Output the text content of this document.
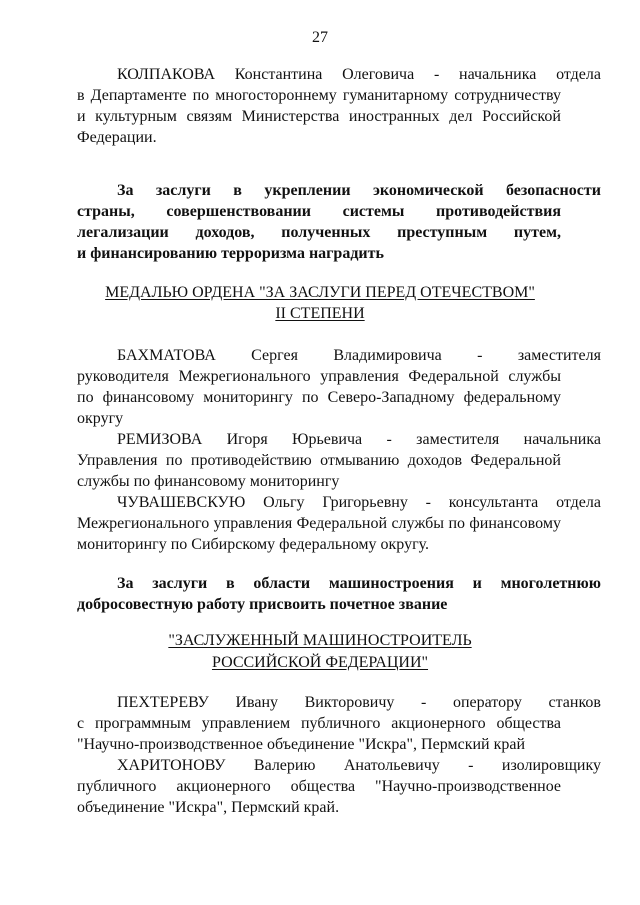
27
КОЛПАКОВА Константина Олеговича - начальника отдела
в Департаменте по многостороннему гуманитарному сотрудничеству
и культурным связям Министерства иностранных дел Российской
Федерации.
За заслуги в укреплении экономической безопасности
страны, совершенствовании системы противодействия
легализации доходов, полученных преступным путем,
и финансированию терроризма наградить
МЕДАЛЬЮ ОРДЕНА "ЗА ЗАСЛУГИ ПЕРЕД ОТЕЧЕСТВОМ"
II СТЕПЕНИ
БАХМАТОВА Сергея Владимировича - заместителя
руководителя Межрегионального управления Федеральной службы
по финансовому мониторингу по Северо-Западному федеральному
округу
РЕМИЗОВА Игоря Юрьевича - заместителя начальника
Управления по противодействию отмыванию доходов Федеральной
службы по финансовому мониторингу
ЧУВАШЕВСКУЮ Ольгу Григорьевну - консультанта отдела
Межрегионального управления Федеральной службы по финансовому
мониторингу по Сибирскому федеральному округу.
За заслуги в области машиностроения и многолетнюю
добросовестную работу присвоить почетное звание
"ЗАСЛУЖЕННЫЙ МАШИНОСТРОИТЕЛЬ
РОССИЙСКОЙ ФЕДЕРАЦИИ"
ПЕХТЕРЕВУ Ивану Викторовичу - оператору станков
с программным управлением публичного акционерного общества
"Научно-производственное объединение "Искра", Пермский край
ХАРИТОНОВУ Валерию Анатольевичу - изолировщику
публичного акционерного общества "Научно-производственное
объединение "Искра", Пермский край.
